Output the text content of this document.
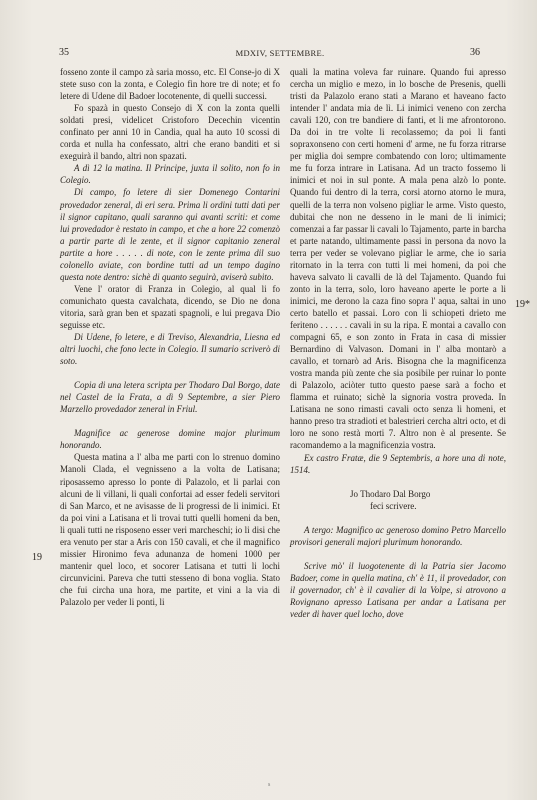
35	MDXIV, SETTEMBRE.	36
19
19*

fosseno zonte il campo zà saria mosso, etc. El Conse-jo di X stete suso con la zonta, e Colegio fin hore tre di note; et fo letere di Udene dil Badoer locotenente, di quelli successi.

Fo spazà in questo Consejo di X con la zonta quelli soldati presi, videlicet Cristoforo Decechin vicentin confinato per anni 10 in Candia, qual ha auto 10 scossi di corda et nulla ha confessato, altri che erano banditi et si exeguirà il bando, altri non spazati.

A dì 12 la matina. Il Principe, juxta il solito, non fo in Colegio.

Di campo, fo letere di sier Domenego Contarini provedador zeneral, di eri sera. Prima li ordini tutti dati per il signor capitano, quali saranno qui avanti scriti: et come lui provedador è restato in campo, et che a hore 22 comenzò a partir parte di le zente, et il signor capitanio zeneral partite a hore . . . . . di note, con le zente prima dil suo colonello aviate, con bordine tutti ad un tempo dagino questa note dentro: sichè di quanto seguirà, aviserà subito.

Vene l' orator di Franza in Colegio, al qual li fo comunichato questa cavalchata, dicendo, se Dio ne dona vitoria, sarà gran ben et spazati spagnoli, e lui pregava Dio seguisse etc.

Di Udene, fo letere, e di Treviso, Alexandria, Liesna ed altri luochi, che fono lecte in Colegio. Il sumario scriverò di soto.

Copia di una letera scripta per Thodaro Dal Borgo, date nel Castel de la Frata, a dì 9 Septembre, a sier Piero Marzello provedador zeneral in Friul.

Magnifice ac generose domine major plurimum honorando.

Questa matina a l' alba me parti con lo strenuo domino Manoli Clada, el vegnisseno a la volta de Latisana; riposassemo apresso lo ponte di Palazolo, et li parlai con alcuni de li villani, li quali confortai ad esser fedeli servitori di San Marco, et ne avisasse de li progressi de li inimici. Et da poi vini a Latisana et li trovai tutti quelli homeni da ben, li quali tutti ne risposeno esser veri marcheschi; io li disi che era venuto per star a Aris con 150 cavali, et che il magnifico missier Hironimo feva adunanza de homeni 1000 per mantenir quel loco, et socorer Latisana et tutti li lochi circunvicini. Pareva che tutti stesseno di bona voglia. Stato che fui circha una hora, me partite, et vini a la via di Palazolo per veder li ponti, li

quali la matina voleva far ruinare. Quando fui apresso cercha un miglio e mezo, in lo bosche de Presenis, quelli tristi da Palazolo erano stati a Marano et haveano facto intender l' andata mia de lì. Li inimici veneno con zercha cavali 120, con tre bandiere di fanti, et li me afrontorono. Da doi in tre volte li recolassemo; da poi li fanti sopraxonseno con certi homeni d' arme, ne fu forza ritrarse per miglia doi sempre combatendo con loro; ultimamente me fu forza intrare in Latisana. Ad un tracto fossemo li inimici et noi in sul ponte. A mala pena alzò lo ponte. Quando fui dentro di la terra, corsi atorno atorno le mura, quelli de la terra non volseno pigliar le arme. Visto questo, dubitai che non ne desseno in le mani de li inimici; comenzai a far passar li cavali lo Tajamento, parte in barcha et parte natando, ultimamente passi in persona da novo la terra per veder se volevano pigliar le arme, che io saria ritornato in la terra con tutti li mei homeni, da poi che haveva salvato li cavalli de là del Tajamento. Quando fui zonto in la terra, solo, loro haveano aperte le porte a li inimici, me derono la caza fino sopra l' aqua, saltai in uno certo batello et passai. Loro con li schiopeti drieto me feriteno . . . . . . cavali in su la ripa. E montai a cavallo con compagni 65, e son zonto in Frata in casa di missier Bernardino di Valvason. Domani in l' alba montarò a cavallo, et tornarò ad Aris. Bisogna che la magnificenza vostra manda più zente che sia posibile per ruinar lo ponte di Palazolo, aciòter tutto questo paese sarà a focho et flamma et ruinato; sichè la signoria vostra proveda. In Latisana ne sono rimasti cavali octo senza li homeni, et hanno preso tra stradioti et balestrieri cercha altri octo, et di loro ne sono restà morti 7. Altro non è al presente. Se racomandemo a la magnificenzia vostra.

Ex castro Fratæ, die 9 Septembris, a hore una di note, 1514.

Jo Thodaro Dal Borgo

feci scrivere.

A tergo: Magnifico ac generoso domino Petro Marcello provisori generali majori plurimum honorando.

Scrive mò' il luogotenente di la Patria sier Jacomo Badoer, come in quella matina, ch' è 11, il provedador, con il governador, ch' è il cavalier di la Volpe, si atrovono a Rovignano apresso Latisana per andar a Latisana per veder di haver quel locho, dove

s
